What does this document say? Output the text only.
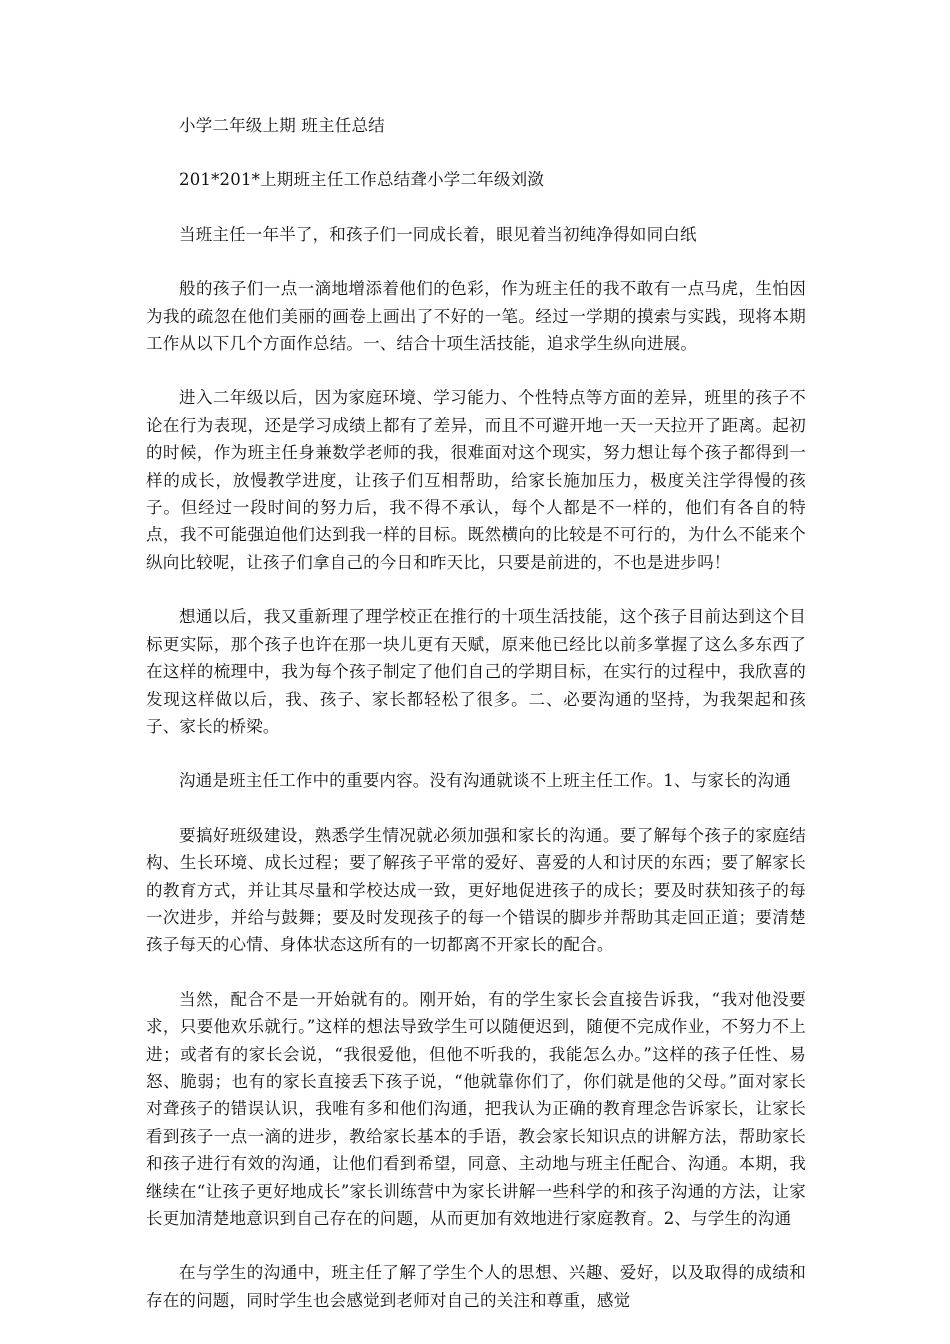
小学二年级上期 班主任总结

201*201*上期班主任工作总结聋小学二年级刘潋

当班主任一年半了，和孩子们一同成长着，眼见着当初纯净得如同白纸

般的孩子们一点一滴地增添着他们的色彩，作为班主任的我不敢有一点马虎，生怕因为我的疏忽在他们美丽的画卷上画出了不好的一笔。经过一学期的摸索与实践，现将本期工作从以下几个方面作总结。一、结合十项生活技能，追求学生纵向进展。

进入二年级以后，因为家庭环境、学习能力、个性特点等方面的差异，班里的孩子不论在行为表现，还是学习成绩上都有了差异，而且不可避开地一天一天拉开了距离。起初的时候，作为班主任身兼数学老师的我，很难面对这个现实，努力想让每个孩子都得到一样的成长，放慢教学进度，让孩子们互相帮助，给家长施加压力，极度关注学得慢的孩子。但经过一段时间的努力后，我不得不承认，每个人都是不一样的，他们有各自的特点，我不可能强迫他们达到我一样的目标。既然横向的比较是不可行的，为什么不能来个纵向比较呢，让孩子们拿自己的今日和昨天比，只要是前进的，不也是进步吗！

想通以后，我又重新理了理学校正在推行的十项生活技能，这个孩子目前达到这个目标更实际，那个孩子也许在那一块儿更有天赋，原来他已经比以前多掌握了这么多东西了在这样的梳理中，我为每个孩子制定了他们自己的学期目标，在实行的过程中，我欣喜的发现这样做以后，我、孩子、家长都轻松了很多。二、必要沟通的坚持，为我架起和孩子、家长的桥梁。

沟通是班主任工作中的重要内容。没有沟通就谈不上班主任工作。1、与家长的沟通

要搞好班级建设，熟悉学生情况就必须加强和家长的沟通。要了解每个孩子的家庭结构、生长环境、成长过程；要了解孩子平常的爱好、喜爱的人和讨厌的东西；要了解家长的教育方式，并让其尽量和学校达成一致，更好地促进孩子的成长；要及时获知孩子的每一次进步，并给与鼓舞；要及时发现孩子的每一个错误的脚步并帮助其走回正道；要清楚孩子每天的心情、身体状态这所有的一切都离不开家长的配合。

当然，配合不是一开始就有的。刚开始，有的学生家长会直接告诉我，“我对他没要求，只要他欢乐就行。”这样的想法导致学生可以随便迟到，随便不完成作业，不努力不上进；或者有的家长会说，“我很爱他，但他不听我的，我能怎么办。”这样的孩子任性、易怒、脆弱；也有的家长直接丢下孩子说，“他就靠你们了，你们就是他的父母。”面对家长对聋孩子的错误认识，我唯有多和他们沟通，把我认为正确的教育理念告诉家长，让家长看到孩子一点一滴的进步，教给家长基本的手语，教会家长知识点的讲解方法，帮助家长和孩子进行有效的沟通，让他们看到希望，同意、主动地与班主任配合、沟通。本期，我继续在“让孩子更好地成长”家长训练营中为家长讲解一些科学的和孩子沟通的方法，让家长更加清楚地意识到自己存在的问题，从而更加有效地进行家庭教育。2、与学生的沟通

在与学生的沟通中，班主任了解了学生个人的思想、兴趣、爱好，以及取得的成绩和存在的问题，同时学生也会感觉到老师对自己的关注和尊重，感觉
